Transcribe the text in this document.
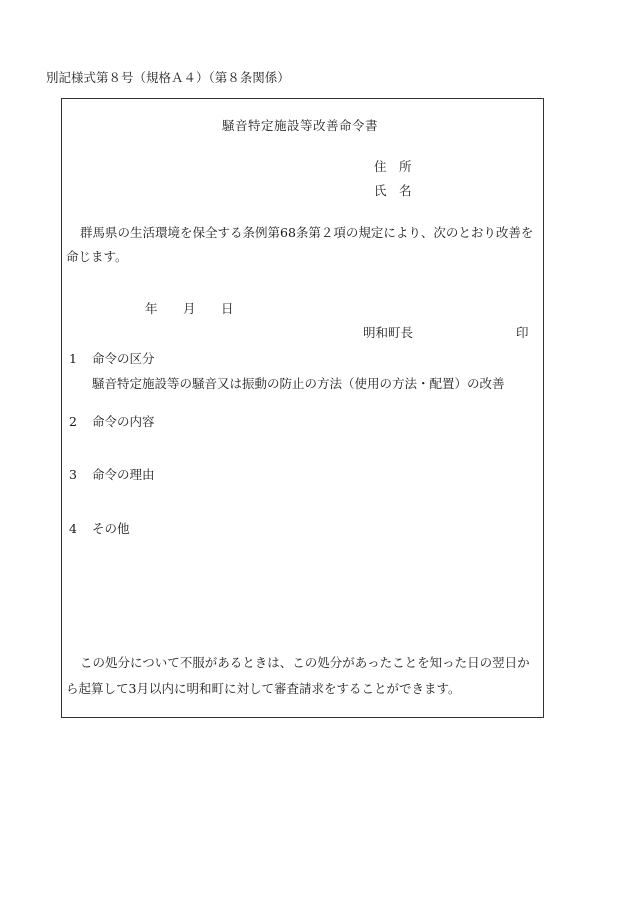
別記様式第８号（規格Ａ４）（第８条関係）
騒音特定施設等改善命令書
住　所
氏　名
群馬県の生活環境を保全する条例第68条第２項の規定により、次のとおり改善を
命じます。
年 月 日
明和町長	印
1 命令の区分
騒音特定施設等の騒音又は振動の防止の方法（使用の方法・配置）の改善
2 命令の内容
3 命令の理由
4 その他
この処分について不服があるときは、この処分があったことを知った日の翌日か
ら起算して3月以内に明和町に対して審査請求をすることができます。
